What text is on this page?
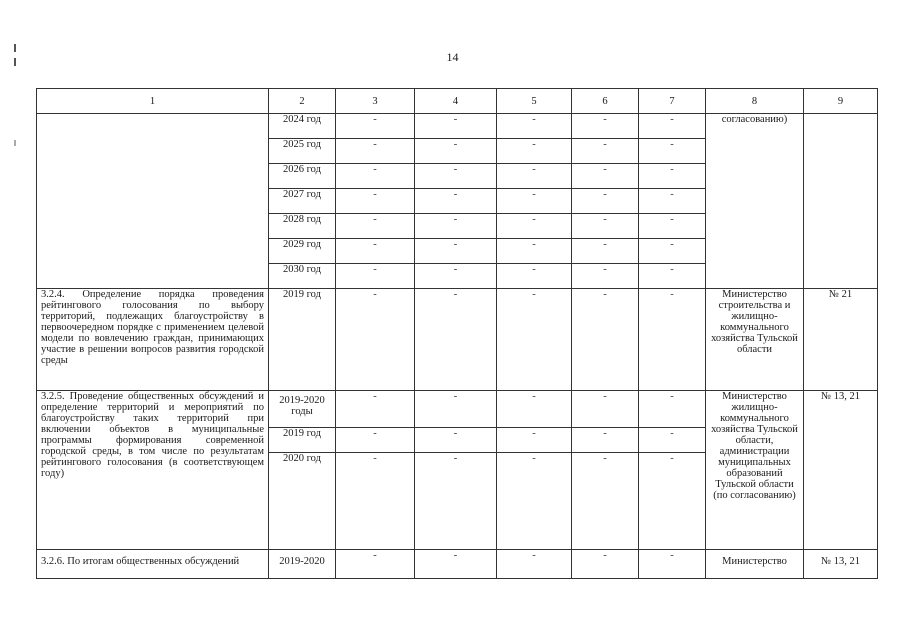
14
1	2	3	4	5	6	7	8	9
	2024 год	-	-	-	-	-	согласованию)	
	2025 год	-	-	-	-	-		
	2026 год	-	-	-	-	-		
	2027 год	-	-	-	-	-		
	2028 год	-	-	-	-	-		
	2029 год	-	-	-	-	-		
	2030 год	-	-	-	-	-		
3.2.4. Определение порядка проведения рейтингового голосования по выбору территорий, подлежащих благоустройству в первоочередном порядке с применением целевой модели по вовлечению граждан, принимающих участие в решении вопросов развития городской среды	2019 год	-	-	-	-	-	Министерство строительства и жилищно-коммунального хозяйства Тульской области	№ 21
3.2.5. Проведение общественных обсуждений и определение территорий и мероприятий по благоустройству таких территорий при включении объектов в муниципальные программы формирования современной городской среды, в том числе по результатам рейтингового голосования (в соответствующем году)	2019-2020 годы	-	-	-	-	-	Министерство жилищно-коммунального хозяйства Тульской области, администрации муниципальных образований Тульской области (по согласованию)	№ 13, 21
	2019 год	-	-	-	-	-		
	2020 год	-	-	-	-	-		
3.2.6. По итогам общественных обсуждений	2019-2020	-	-	-	-	-	Министерство	№ 13, 21
